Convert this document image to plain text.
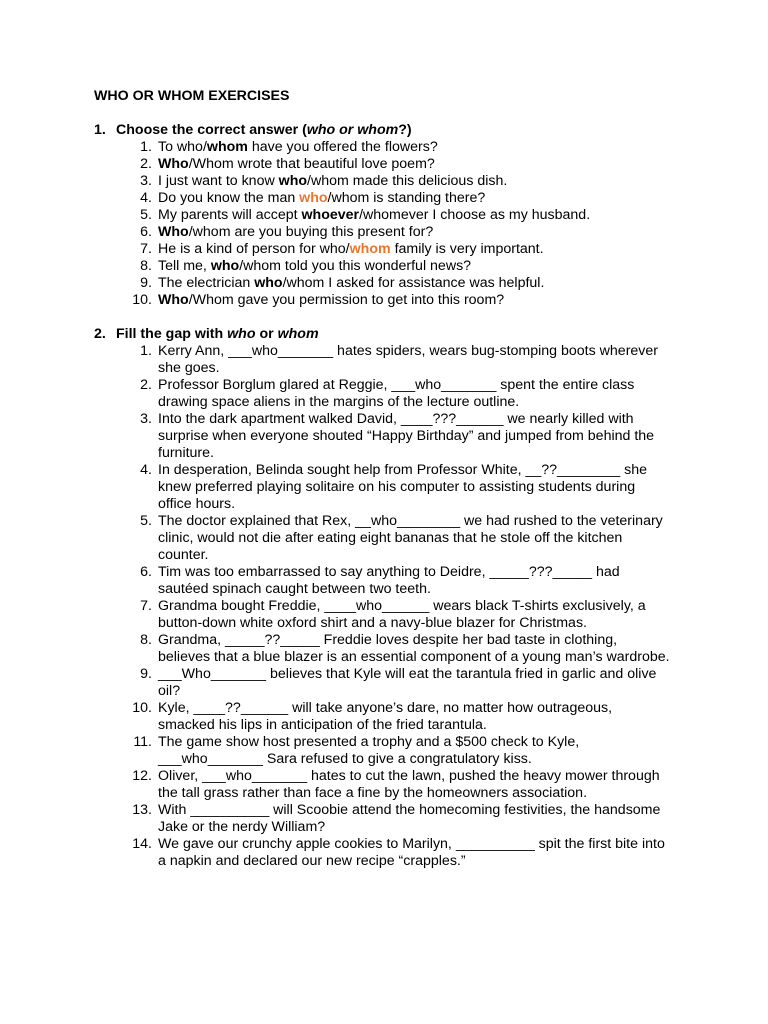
WHO OR WHOM EXERCISES
1. Choose the correct answer (who or whom?)
1. To who/whom have you offered the flowers?
2. Who/Whom wrote that beautiful love poem?
3. I just want to know who/whom made this delicious dish.
4. Do you know the man who/whom is standing there?
5. My parents will accept whoever/whomever I choose as my husband.
6. Who/whom are you buying this present for?
7. He is a kind of person for who/whom family is very important.
8. Tell me, who/whom told you this wonderful news?
9. The electrician who/whom I asked for assistance was helpful.
10. Who/Whom gave you permission to get into this room?
2. Fill the gap with who or whom
1. Kerry Ann, ___who_______ hates spiders, wears bug-stomping boots wherever she goes.
2. Professor Borglum glared at Reggie, ___who_______ spent the entire class drawing space aliens in the margins of the lecture outline.
3. Into the dark apartment walked David, ____???______ we nearly killed with surprise when everyone shouted “Happy Birthday” and jumped from behind the furniture.
4. In desperation, Belinda sought help from Professor White, __??________ she knew preferred playing solitaire on his computer to assisting students during office hours.
5. The doctor explained that Rex, __who________ we had rushed to the veterinary clinic, would not die after eating eight bananas that he stole off the kitchen counter.
6. Tim was too embarrassed to say anything to Deidre, _____???_____ had sautéed spinach caught between two teeth.
7. Grandma bought Freddie, ____who______ wears black T-shirts exclusively, a button-down white oxford shirt and a navy-blue blazer for Christmas.
8. Grandma, _____??_____ Freddie loves despite her bad taste in clothing, believes that a blue blazer is an essential component of a young man’s wardrobe.
9. ___Who_______ believes that Kyle will eat the tarantula fried in garlic and olive oil?
10. Kyle, ____??______ will take anyone’s dare, no matter how outrageous, smacked his lips in anticipation of the fried tarantula.
11. The game show host presented a trophy and a $500 check to Kyle, ___who_______ Sara refused to give a congratulatory kiss.
12. Oliver, ___who_______ hates to cut the lawn, pushed the heavy mower through the tall grass rather than face a fine by the homeowners association.
13. With __________ will Scoobie attend the homecoming festivities, the handsome Jake or the nerdy William?
14. We gave our crunchy apple cookies to Marilyn, __________ spit the first bite into a napkin and declared our new recipe “crapples.”
